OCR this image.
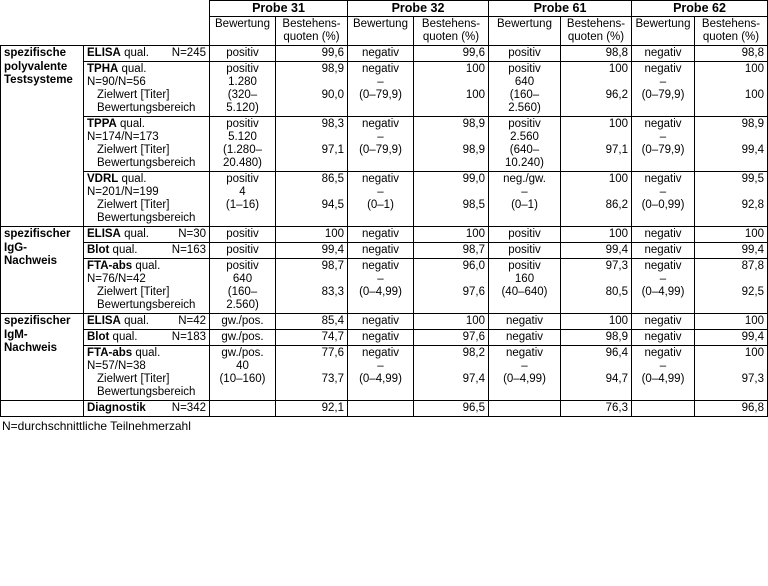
		Probe 31		Probe 32		Probe 61		Probe 62	
		Bewertung	Bestehens-
quoten (%)	Bewertung	Bestehens-
quoten (%)	Bewertung	Bestehens-
quoten (%)	Bewertung	Bestehens-
quoten (%)

spezifische
polyvalente
Testsysteme	ELISA qual. N=245	positiv	99,6	negativ	99,6	positiv	98,8	negativ	98,8

	TPHA qual.
N=90/N=56
Zielwert [Titer]
Bewertungsbereich	positiv
1.280
(320–
5.120)	98,9
90,0	negativ
–
(0–79,9)	100
100	positiv
640
(160–
2.560)	100
96,2	negativ
–
(0–79,9)	100
100

	TPPA qual.
N=174/N=173
Zielwert [Titer]
Bewertungsbereich	positiv
5.120
(1.280–
20.480)	98,3
97,1	negativ
–
(0–79,9)	98,9
98,9	positiv
2.560
(640–
10.240)	100
97,1	negativ
–
(0–79,9)	98,9
99,4

	VDRL qual.
N=201/N=199
Zielwert [Titer]
Bewertungsbereich	positiv
4
(1–16)	86,5
94,5	negativ
–
(0–1)	99,0
98,5	neg./gw.
–
(0–1)	100
86,2	negativ
–
(0–0,99)	99,5
92,8

spezifischer
IgG-
Nachweis	ELISA qual. N=30	positiv	100	negativ	100	positiv	100	negativ	100

	Blot qual. N=163	positiv	99,4	negativ	98,7	positiv	99,4	negativ	99,4

	FTA-abs qual.
N=76/N=42
Zielwert [Titer]
Bewertungsbereich	positiv
640
(160–
2.560)	98,7
83,3	negativ
–
(0–4,99)	96,0
97,6	positiv
160
(40–640)	97,3
80,5	negativ
–
(0–4,99)	87,8
92,5

spezifischer
IgM-
Nachweis	ELISA qual. N=42	gw./pos.	85,4	negativ	100	negativ	100	negativ	100

	Blot qual. N=183	gw./pos.	74,7	negativ	97,6	negativ	98,9	negativ	99,4

	FTA-abs qual.
N=57/N=38
Zielwert [Titer]
Bewertungsbereich	gw./pos.
40
(10–160)	77,6
73,7	negativ
–
(0–4,99)	98,2
97,4	negativ
–
(0–4,99)	96,4
94,7	negativ
–
(0–4,99)	100
97,3

	Diagnostik N=342		92,1		96,5		76,3		96,8
N=durchschnittliche Teilnehmerzahl
